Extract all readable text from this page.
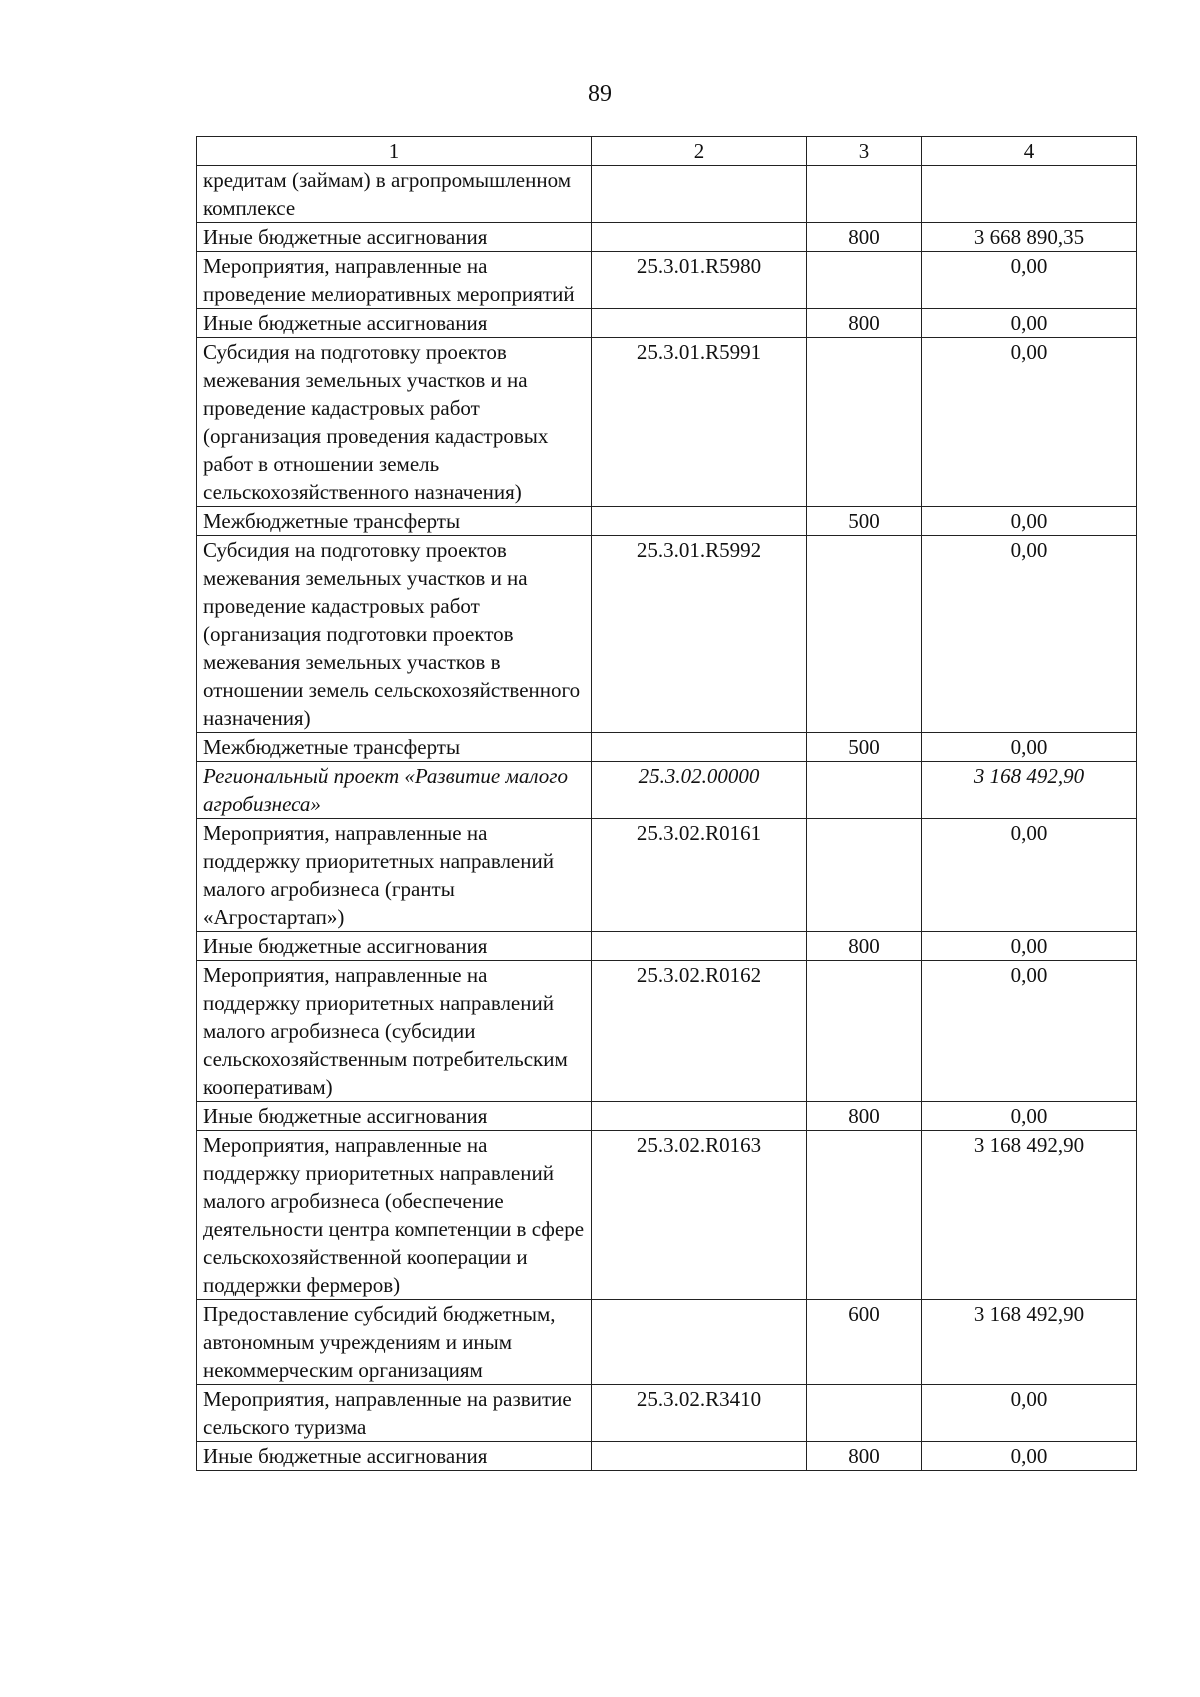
89
1	2	3	4
кредитам (займам) в агропромышленном комплексе			
Иные бюджетные ассигнования		800	3 668 890,35
Мероприятия, направленные на проведение мелиоративных мероприятий	25.3.01.R5980		0,00
Иные бюджетные ассигнования		800	0,00
Субсидия на подготовку проектов межевания земельных участков и на проведение кадастровых работ (организация проведения кадастровых работ в отношении земель сельскохозяйственного назначения)	25.3.01.R5991		0,00
Межбюджетные трансферты		500	0,00
Субсидия на подготовку проектов межевания земельных участков и на проведение кадастровых работ (организация подготовки проектов межевания земельных участков в отношении земель сельскохозяйственного назначения)	25.3.01.R5992		0,00
Межбюджетные трансферты		500	0,00
Региональный проект «Развитие малого агробизнеса»	25.3.02.00000		3 168 492,90
Мероприятия, направленные на поддержку приоритетных направлений малого агробизнеса (гранты «Агростартап»)	25.3.02.R0161		0,00
Иные бюджетные ассигнования		800	0,00
Мероприятия, направленные на поддержку приоритетных направлений малого агробизнеса (субсидии сельскохозяйственным потребительским кооперативам)	25.3.02.R0162		0,00
Иные бюджетные ассигнования		800	0,00
Мероприятия, направленные на поддержку приоритетных направлений малого агробизнеса (обеспечение деятельности центра компетенции в сфере сельскохозяйственной кооперации и поддержки фермеров)	25.3.02.R0163		3 168 492,90
Предоставление субсидий бюджетным, автономным учреждениям и иным некоммерческим организациям		600	3 168 492,90
Мероприятия, направленные на развитие сельского туризма	25.3.02.R3410		0,00
Иные бюджетные ассигнования		800	0,00
